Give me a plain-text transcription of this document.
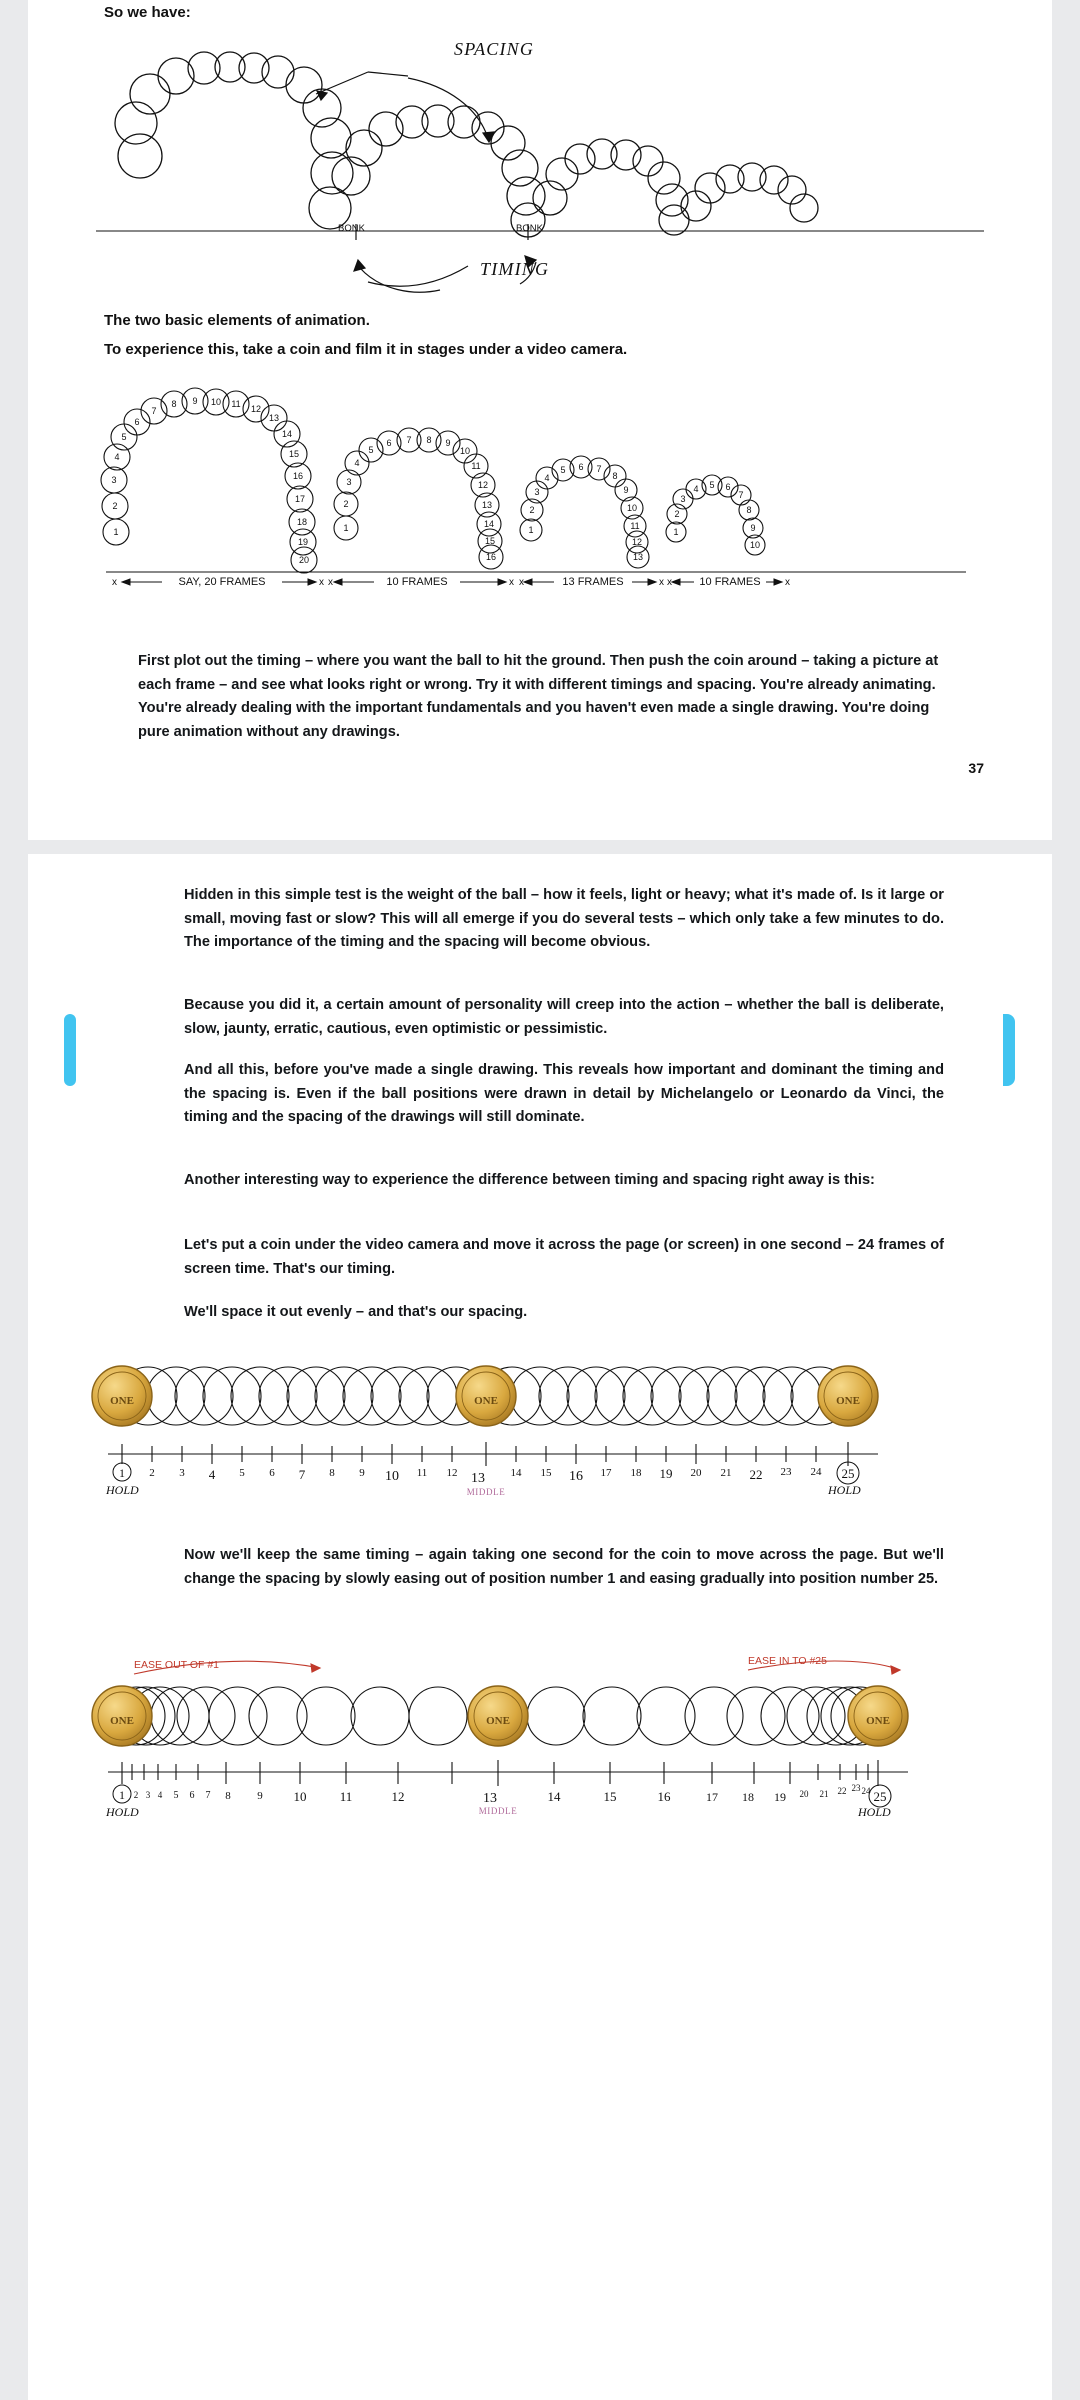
So we have:
SPACING
TIMING
BONK	BONK
The two basic elements of animation.
To experience this, take a coin and film it in stages under a video camera.
1
2
3
4
5
6
7
8 9 10 11 12
13
14
15
16
17
18
19
20
1
2
3
4
5
6 7 8 9
10
11
12
13
14
15
16
1
2
3
4
5 6 7
8
9
10
11
12
13
1
2
3
4 5 6
7
8
9
10
x	x x	x x	x x	x
SAY, 20 FRAMES	10 FRAMES	13 FRAMES	10 FRAMES
First plot out the timing – where you want the ball to hit the ground. Then push the coin around – taking a picture at each frame – and see what looks right or wrong. Try it with different timings and spacing. You're already animating. You're already dealing with the important fundamentals and you haven't even made a single drawing. You're doing pure animation without any drawings.
37
Hidden in this simple test is the weight of the ball – how it feels, light or heavy; what it's made of. Is it large or small, moving fast or slow? This will all emerge if you do several tests – which only take a few minutes to do. The importance of the timing and the spacing will become obvious.
Because you did it, a certain amount of personality will creep into the action – whether the ball is deliberate, slow, jaunty, erratic, cautious, even optimistic or pessimistic.
And all this, before you've made a single drawing. This reveals how important and dominant the timing and the spacing is. Even if the ball positions were drawn in detail by Michelangelo or Leonardo da Vinci, the timing and the spacing of the drawings will still dominate.
Another interesting way to experience the difference between timing and spacing right away is this:
Let's put a coin under the video camera and move it across the page (or screen) in one second – 24 frames of screen time. That's our timing.
We'll space it out evenly – and that's our spacing.
ONE	ONE	ONE
1 2 3 4 5 6 7 8 9 10 11 12	14 15 16 17 18 19 20 21 22 23 24 25
HOLD
13
MIDDLE	HOLD
Now we'll keep the same timing – again taking one second for the coin to move across the page. But we'll change the spacing by slowly easing out of position number 1 and easing gradually into position number 25.
EASE OUT OF #1	EASE IN TO #25
ONE	ONE	ONE
1 2 3 4 5 6 7 8 9 10	11	12	14	15	16	17 18 19 20 21 22 23 24 25
HOLD
13
MIDDLE	HOLD
